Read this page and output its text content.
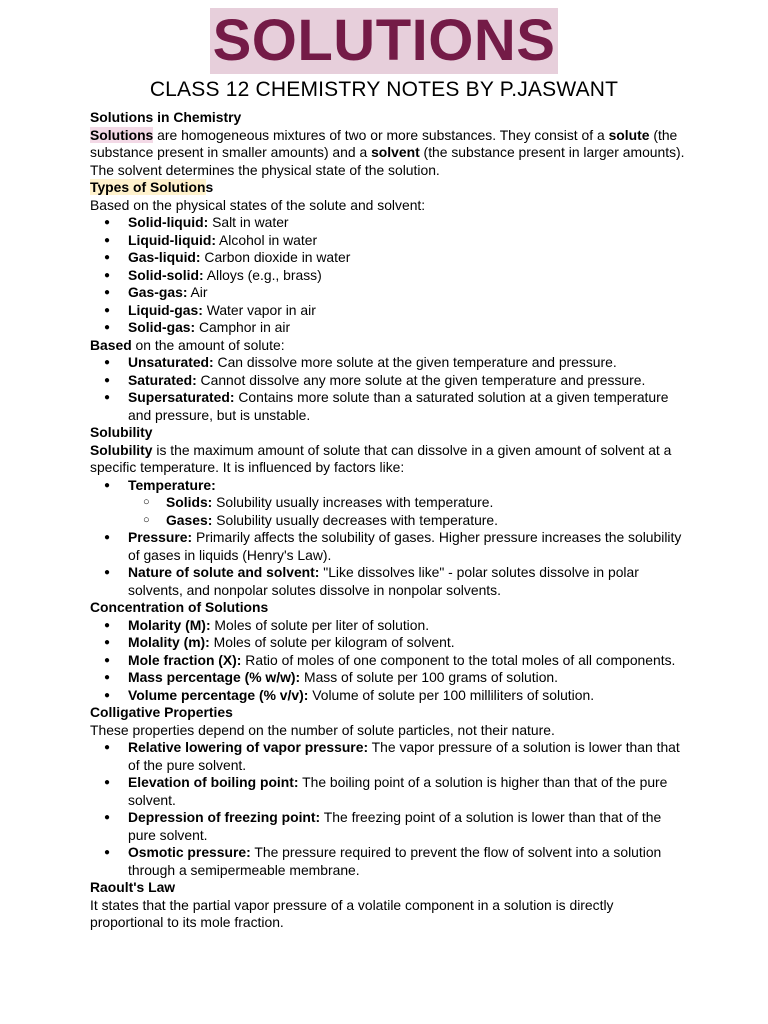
SOLUTIONS
CLASS 12 CHEMISTRY NOTES BY P.JASWANT

Solutions in Chemistry

Solutions are homogeneous mixtures of two or more substances. They consist of a solute (the substance present in smaller amounts) and a solvent (the substance present in larger amounts). The solvent determines the physical state of the solution.

Types of Solutions

Based on the physical states of the solute and solvent:

● Solid-liquid: Salt in water
● Liquid-liquid: Alcohol in water
● Gas-liquid: Carbon dioxide in water
● Solid-solid: Alloys (e.g., brass)
● Gas-gas: Air
● Liquid-gas: Water vapor in air
● Solid-gas: Camphor in air

Based on the amount of solute:

● Unsaturated: Can dissolve more solute at the given temperature and pressure.
● Saturated: Cannot dissolve any more solute at the given temperature and pressure.
● Supersaturated: Contains more solute than a saturated solution at a given temperature and pressure, but is unstable.

Solubility

Solubility is the maximum amount of solute that can dissolve in a given amount of solvent at a specific temperature. It is influenced by factors like:

● Temperature:
○ Solids: Solubility usually increases with temperature.
○ Gases: Solubility usually decreases with temperature.
● Pressure: Primarily affects the solubility of gases. Higher pressure increases the solubility of gases in liquids (Henry's Law).
● Nature of solute and solvent: "Like dissolves like" - polar solutes dissolve in polar solvents, and nonpolar solutes dissolve in nonpolar solvents.

Concentration of Solutions

● Molarity (M): Moles of solute per liter of solution.
● Molality (m): Moles of solute per kilogram of solvent.
● Mole fraction (X): Ratio of moles of one component to the total moles of all components.
● Mass percentage (% w/w): Mass of solute per 100 grams of solution.
● Volume percentage (% v/v): Volume of solute per 100 milliliters of solution.

Colligative Properties

These properties depend on the number of solute particles, not their nature.

● Relative lowering of vapor pressure: The vapor pressure of a solution is lower than that of the pure solvent.
● Elevation of boiling point: The boiling point of a solution is higher than that of the pure solvent.
● Depression of freezing point: The freezing point of a solution is lower than that of the pure solvent.
● Osmotic pressure: The pressure required to prevent the flow of solvent into a solution through a semipermeable membrane.

Raoult's Law

It states that the partial vapor pressure of a volatile component in a solution is directly proportional to its mole fraction.
